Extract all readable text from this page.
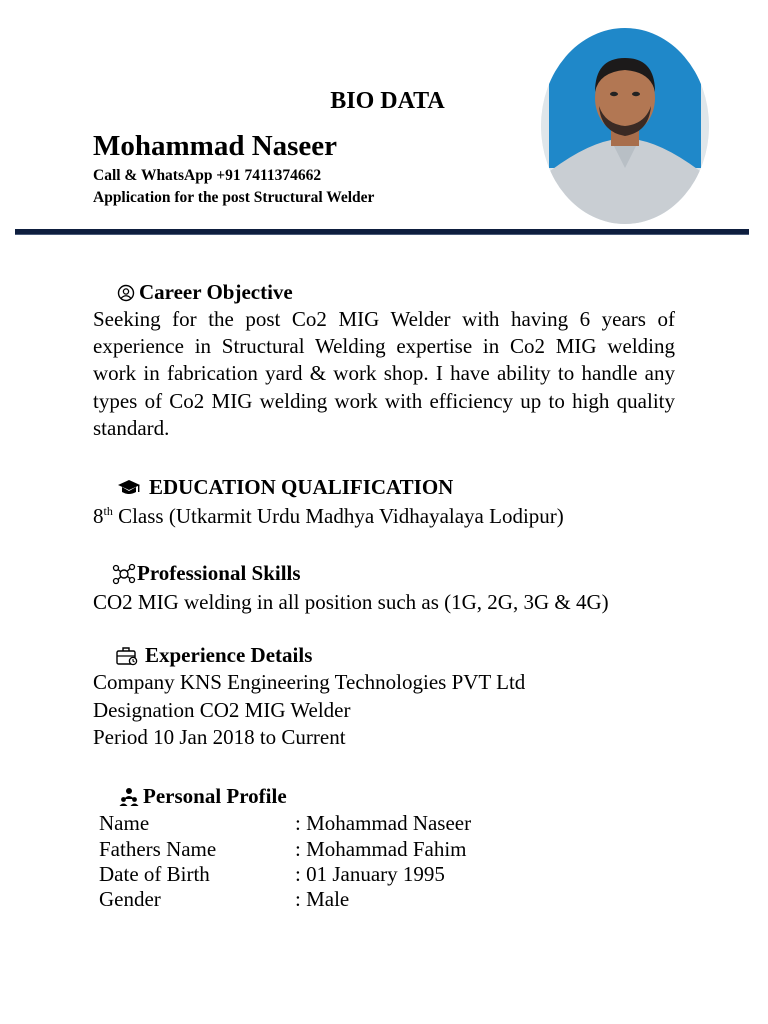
BIO DATA
Mohammad Naseer
Call & WhatsApp +91 7411374662
Application for the post Structural Welder
Career Objective
Seeking for the post Co2 MIG Welder with having 6 years of experience in Structural Welding expertise in Co2 MIG welding work in fabrication yard & work shop. I have ability to handle any types of Co2 MIG welding work with efficiency up to high quality standard.
EDUCATION QUALIFICATION
8th Class (Utkarmit Urdu Madhya Vidhayalaya Lodipur)
Professional Skills
CO2 MIG welding in all position such as (1G, 2G, 3G & 4G)
Experience Details
Company KNS Engineering Technologies PVT Ltd
Designation CO2 MIG Welder
Period 10 Jan 2018 to Current
Personal Profile
Name	: Mohammad Naseer
Fathers Name	: Mohammad Fahim
Date of Birth	: 01 January 1995
Gender	: Male
